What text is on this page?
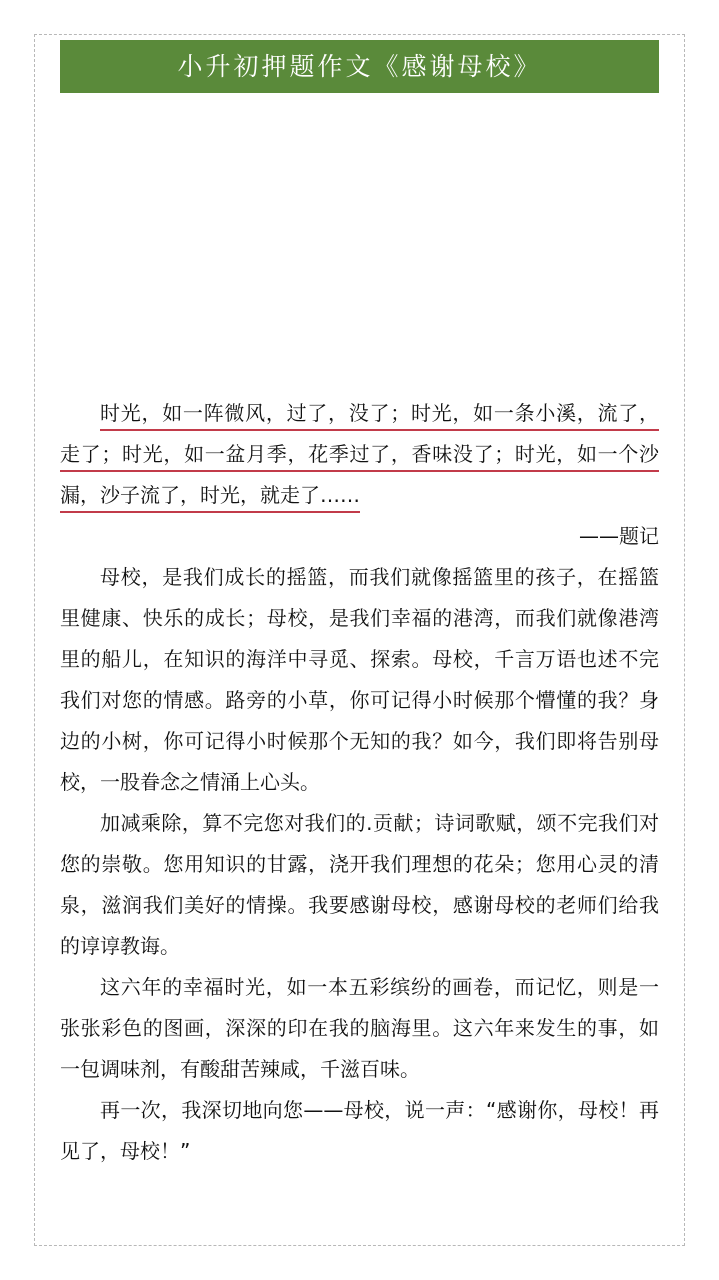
小升初押题作文《感谢母校》

时光，如一阵微风，过了，没了；时光，如一条小溪，流了，走了；时光，如一盆月季，花季过了，香味没了；时光，如一个沙漏，沙子流了，时光，就走了……

——题记

母校，是我们成长的摇篮，而我们就像摇篮里的孩子，在摇篮里健康、快乐的成长；母校，是我们幸福的港湾，而我们就像港湾里的船儿，在知识的海洋中寻觅、探索。母校，千言万语也述不完我们对您的情感。路旁的小草，你可记得小时候那个懵懂的我？身边的小树，你可记得小时候那个无知的我？如今，我们即将告别母校，一股眷念之情涌上心头。

加减乘除，算不完您对我们的.贡献；诗词歌赋，颂不完我们对您的崇敬。您用知识的甘露，浇开我们理想的花朵；您用心灵的清泉，滋润我们美好的情操。我要感谢母校，感谢母校的老师们给我的谆谆教诲。

这六年的幸福时光，如一本五彩缤纷的画卷，而记忆，则是一张张彩色的图画，深深的印在我的脑海里。这六年来发生的事，如一包调味剂，有酸甜苦辣咸，千滋百味。

再一次，我深切地向您——母校，说一声：“感谢你，母校！再见了，母校！”
